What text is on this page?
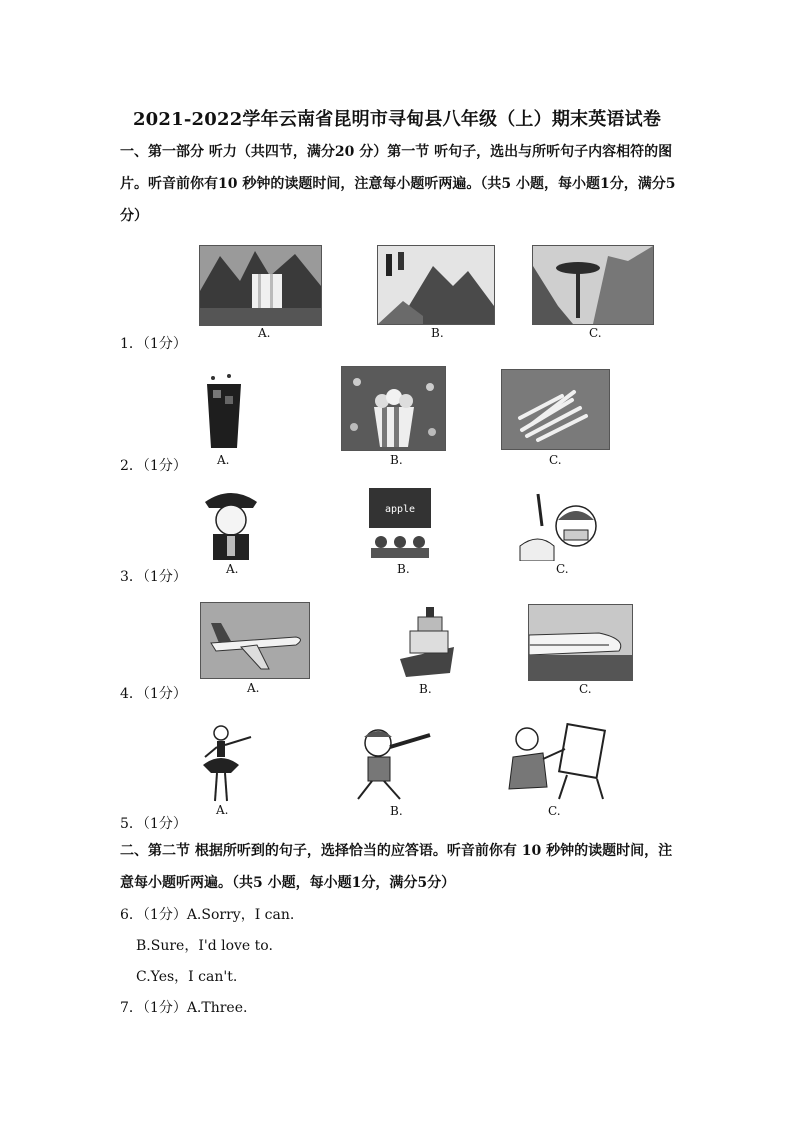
2021-2022学年云南省昆明市寻甸县八年级（上）期末英语试卷
一、第一部分 听力（共四节，满分20 分）第一节 听句子，选出与所听句子内容相符的图片。听音前你有10 秒钟的读题时间，注意每小题听两遍。（共5 小题，每小题1分，满分5分）
1．（1分）
A.	B.	C.
2．（1分）	A.	B.	C.
3．（1分）	A.
apple
B.	C.
4．（1分）	A.	B.	C.
5．（1分）
A.	B.	C.
二、第二节 根据所听到的句子，选择恰当的应答语。听音前你有 10 秒钟的读题时间，注意每小题听两遍。（共5 小题，每小题1分，满分5分）
6．（1分）A.Sorry，I can.
B.Sure，I'd love to.
C.Yes，I can't.
7．（1分）A.Three.
